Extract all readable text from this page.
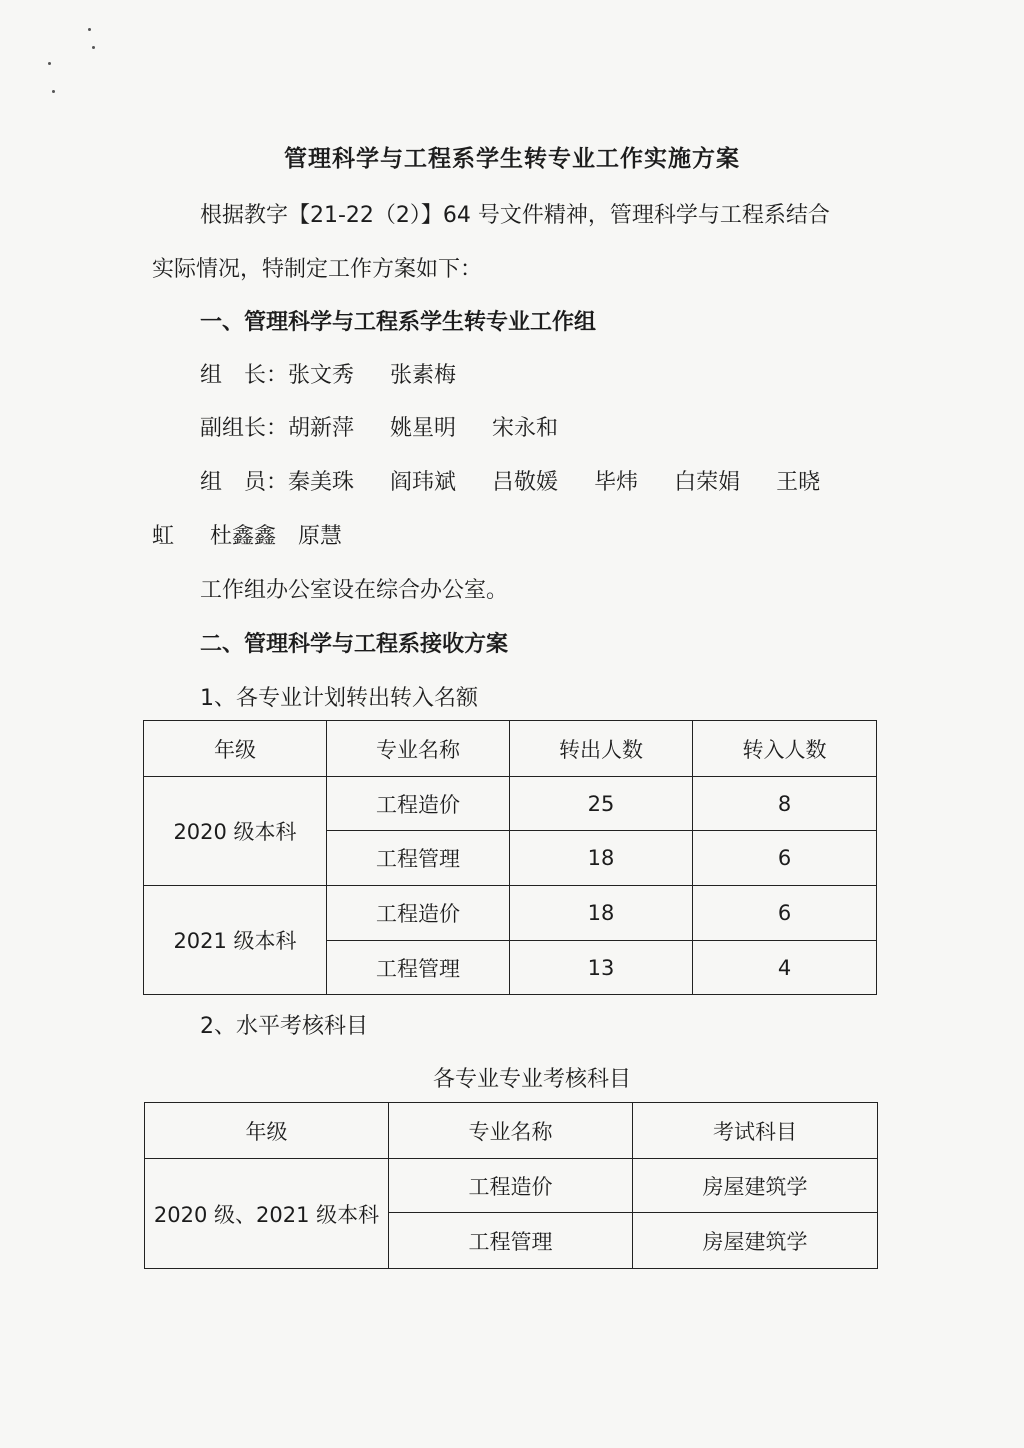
管理科学与工程系学生转专业工作实施方案
根据教字【21-22（2）】64 号文件精神，管理科学与工程系结合
实际情况，特制定工作方案如下：
一、管理科学与工程系学生转专业工作组
组　长：张文秀 张素梅
副组长：胡新萍 姚星明 宋永和
组　员：秦美珠 阎玮斌 吕敬媛 毕炜 白荣娟 王晓
虹 杜鑫鑫 原慧
工作组办公室设在综合办公室。
二、管理科学与工程系接收方案
1、各专业计划转出转入名额
年级	专业名称	转出人数	转入人数
2020 级本科	工程造价	25	8
	工程管理	18	6
2021 级本科	工程造价	18	6
	工程管理	13	4
2、水平考核科目
各专业专业考核科目
年级	专业名称	考试科目
2020 级、2021 级本科	工程造价	房屋建筑学
	工程管理	房屋建筑学
